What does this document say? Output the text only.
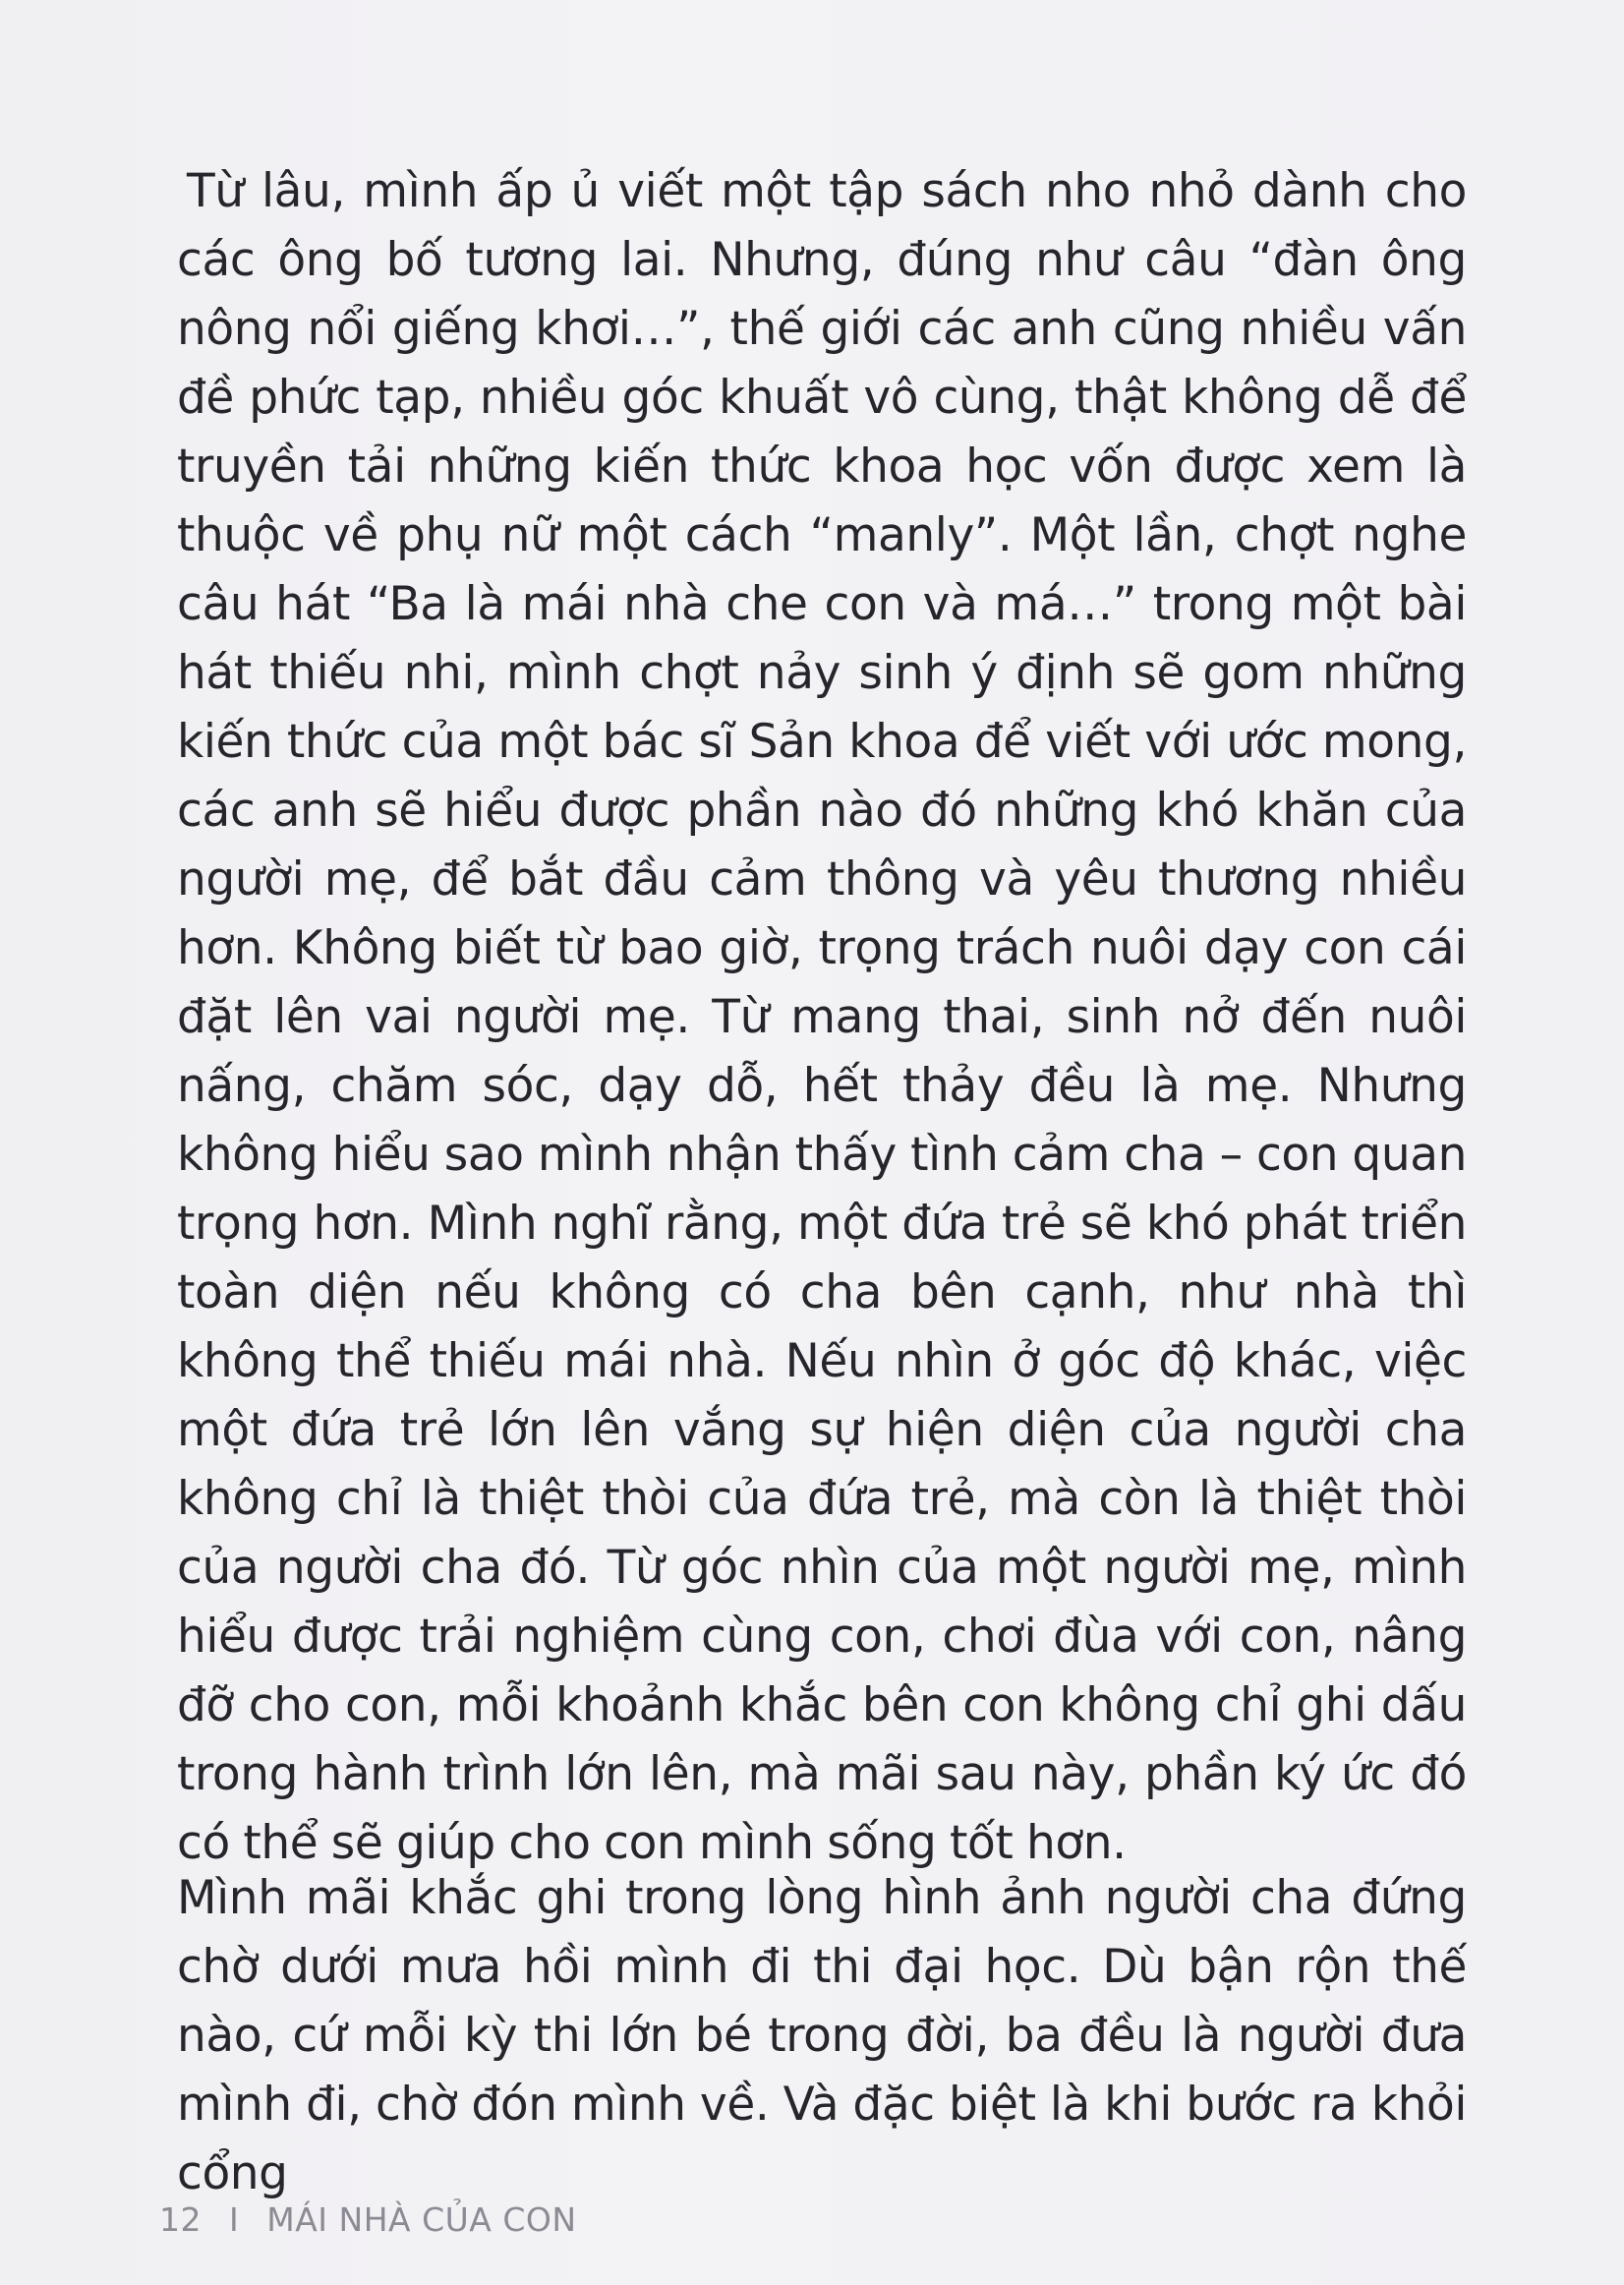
Từ lâu, mình ấp ủ viết một tập sách nho nhỏ dành cho các ông bố tương lai. Nhưng, đúng như câu “đàn ông nông nổi giếng khơi…”, thế giới các anh cũng nhiều vấn đề phức tạp, nhiều góc khuất vô cùng, thật không dễ để truyền tải những kiến thức khoa học vốn được xem là thuộc về phụ nữ một cách “manly”. Một lần, chợt nghe câu hát “Ba là mái nhà che con và má…” trong một bài hát thiếu nhi, mình chợt nảy sinh ý định sẽ gom những kiến thức của một bác sĩ Sản khoa để viết với ước mong, các anh sẽ hiểu được phần nào đó những khó khăn của người mẹ, để bắt đầu cảm thông và yêu thương nhiều hơn. Không biết từ bao giờ, trọng trách nuôi dạy con cái đặt lên vai người mẹ. Từ mang thai, sinh nở đến nuôi nấng, chăm sóc, dạy dỗ, hết thảy đều là mẹ. Nhưng không hiểu sao mình nhận thấy tình cảm cha – con quan trọng hơn. Mình nghĩ rằng, một đứa trẻ sẽ khó phát triển toàn diện nếu không có cha bên cạnh, như nhà thì không thể thiếu mái nhà. Nếu nhìn ở góc độ khác, việc một đứa trẻ lớn lên vắng sự hiện diện của người cha không chỉ là thiệt thòi của đứa trẻ, mà còn là thiệt thòi của người cha đó. Từ góc nhìn của một người mẹ, mình hiểu được trải nghiệm cùng con, chơi đùa với con, nâng đỡ cho con, mỗi khoảnh khắc bên con không chỉ ghi dấu trong hành trình lớn lên, mà mãi sau này, phần ký ức đó có thể sẽ giúp cho con mình sống tốt hơn.

Mình mãi khắc ghi trong lòng hình ảnh người cha đứng chờ dưới mưa hồi mình đi thi đại học. Dù bận rộn thế nào, cứ mỗi kỳ thi lớn bé trong đời, ba đều là người đưa mình đi, chờ đón mình về. Và đặc biệt là khi bước ra khỏi cổng

12 I MÁI NHÀ CỦA CON
